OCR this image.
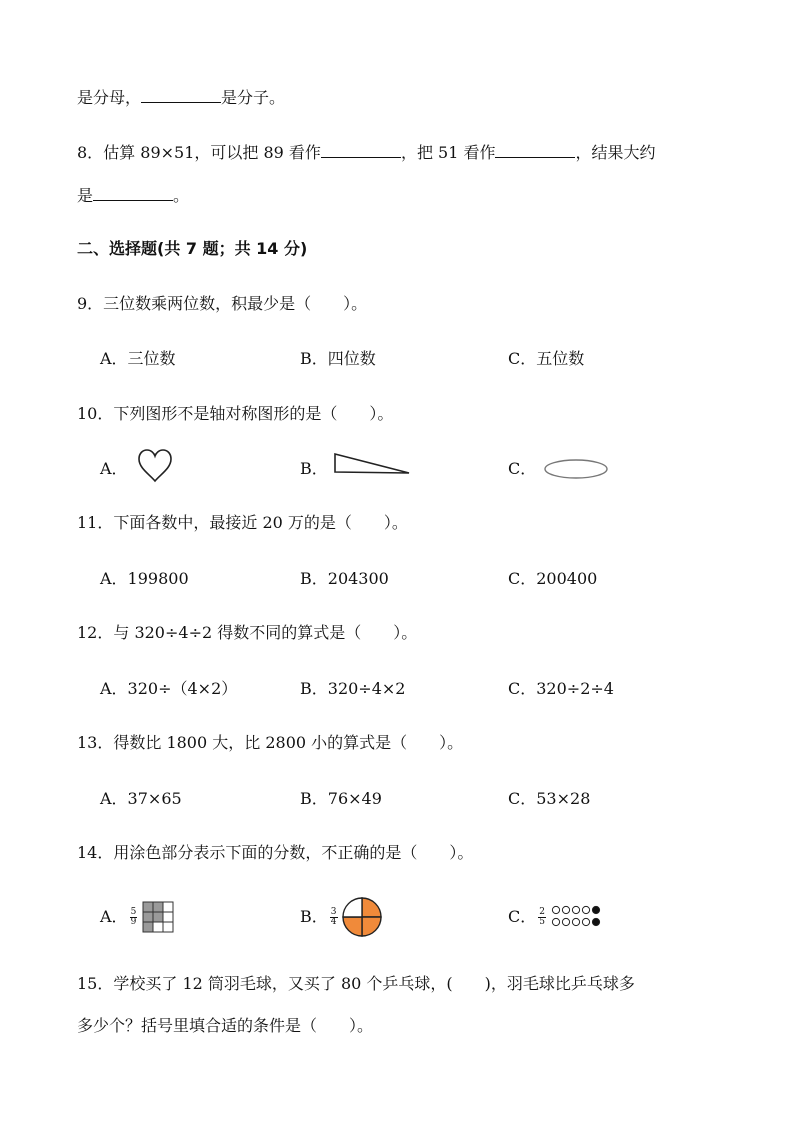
是分母，	是分子。
8．估算 89×51，可以把 89 看作	，把 51 看作	，结果大约
是	。
二、选择题(共 7 题；共 14 分)
9．三位数乘两位数，积最少是（　　）。
A．三位数	B．四位数	C．五位数
10．下列图形不是轴对称图形的是（　　）。
A．	B．	C．
11．下面各数中，最接近 20 万的是（　　）。
A．199800	B．204300	C．200400
12．与 320÷4÷2 得数不同的算式是（　　）。
A．320÷（4×2）	B．320÷4×2	C．320÷2÷4
13．得数比 1800 大，比 2800 小的算式是（　　）。
A．37×65	B．76×49	C．53×28
14．用涂色部分表示下面的分数，不正确的是（　　）。
A． $\frac{5}{9}$	B． $\frac{3}{4}$	C． $\frac{2}{5}$
15．学校买了 12 筒羽毛球，又买了 80 个乒乓球，(　　)，羽毛球比乒乓球多
多少个？括号里填合适的条件是（　　）。
